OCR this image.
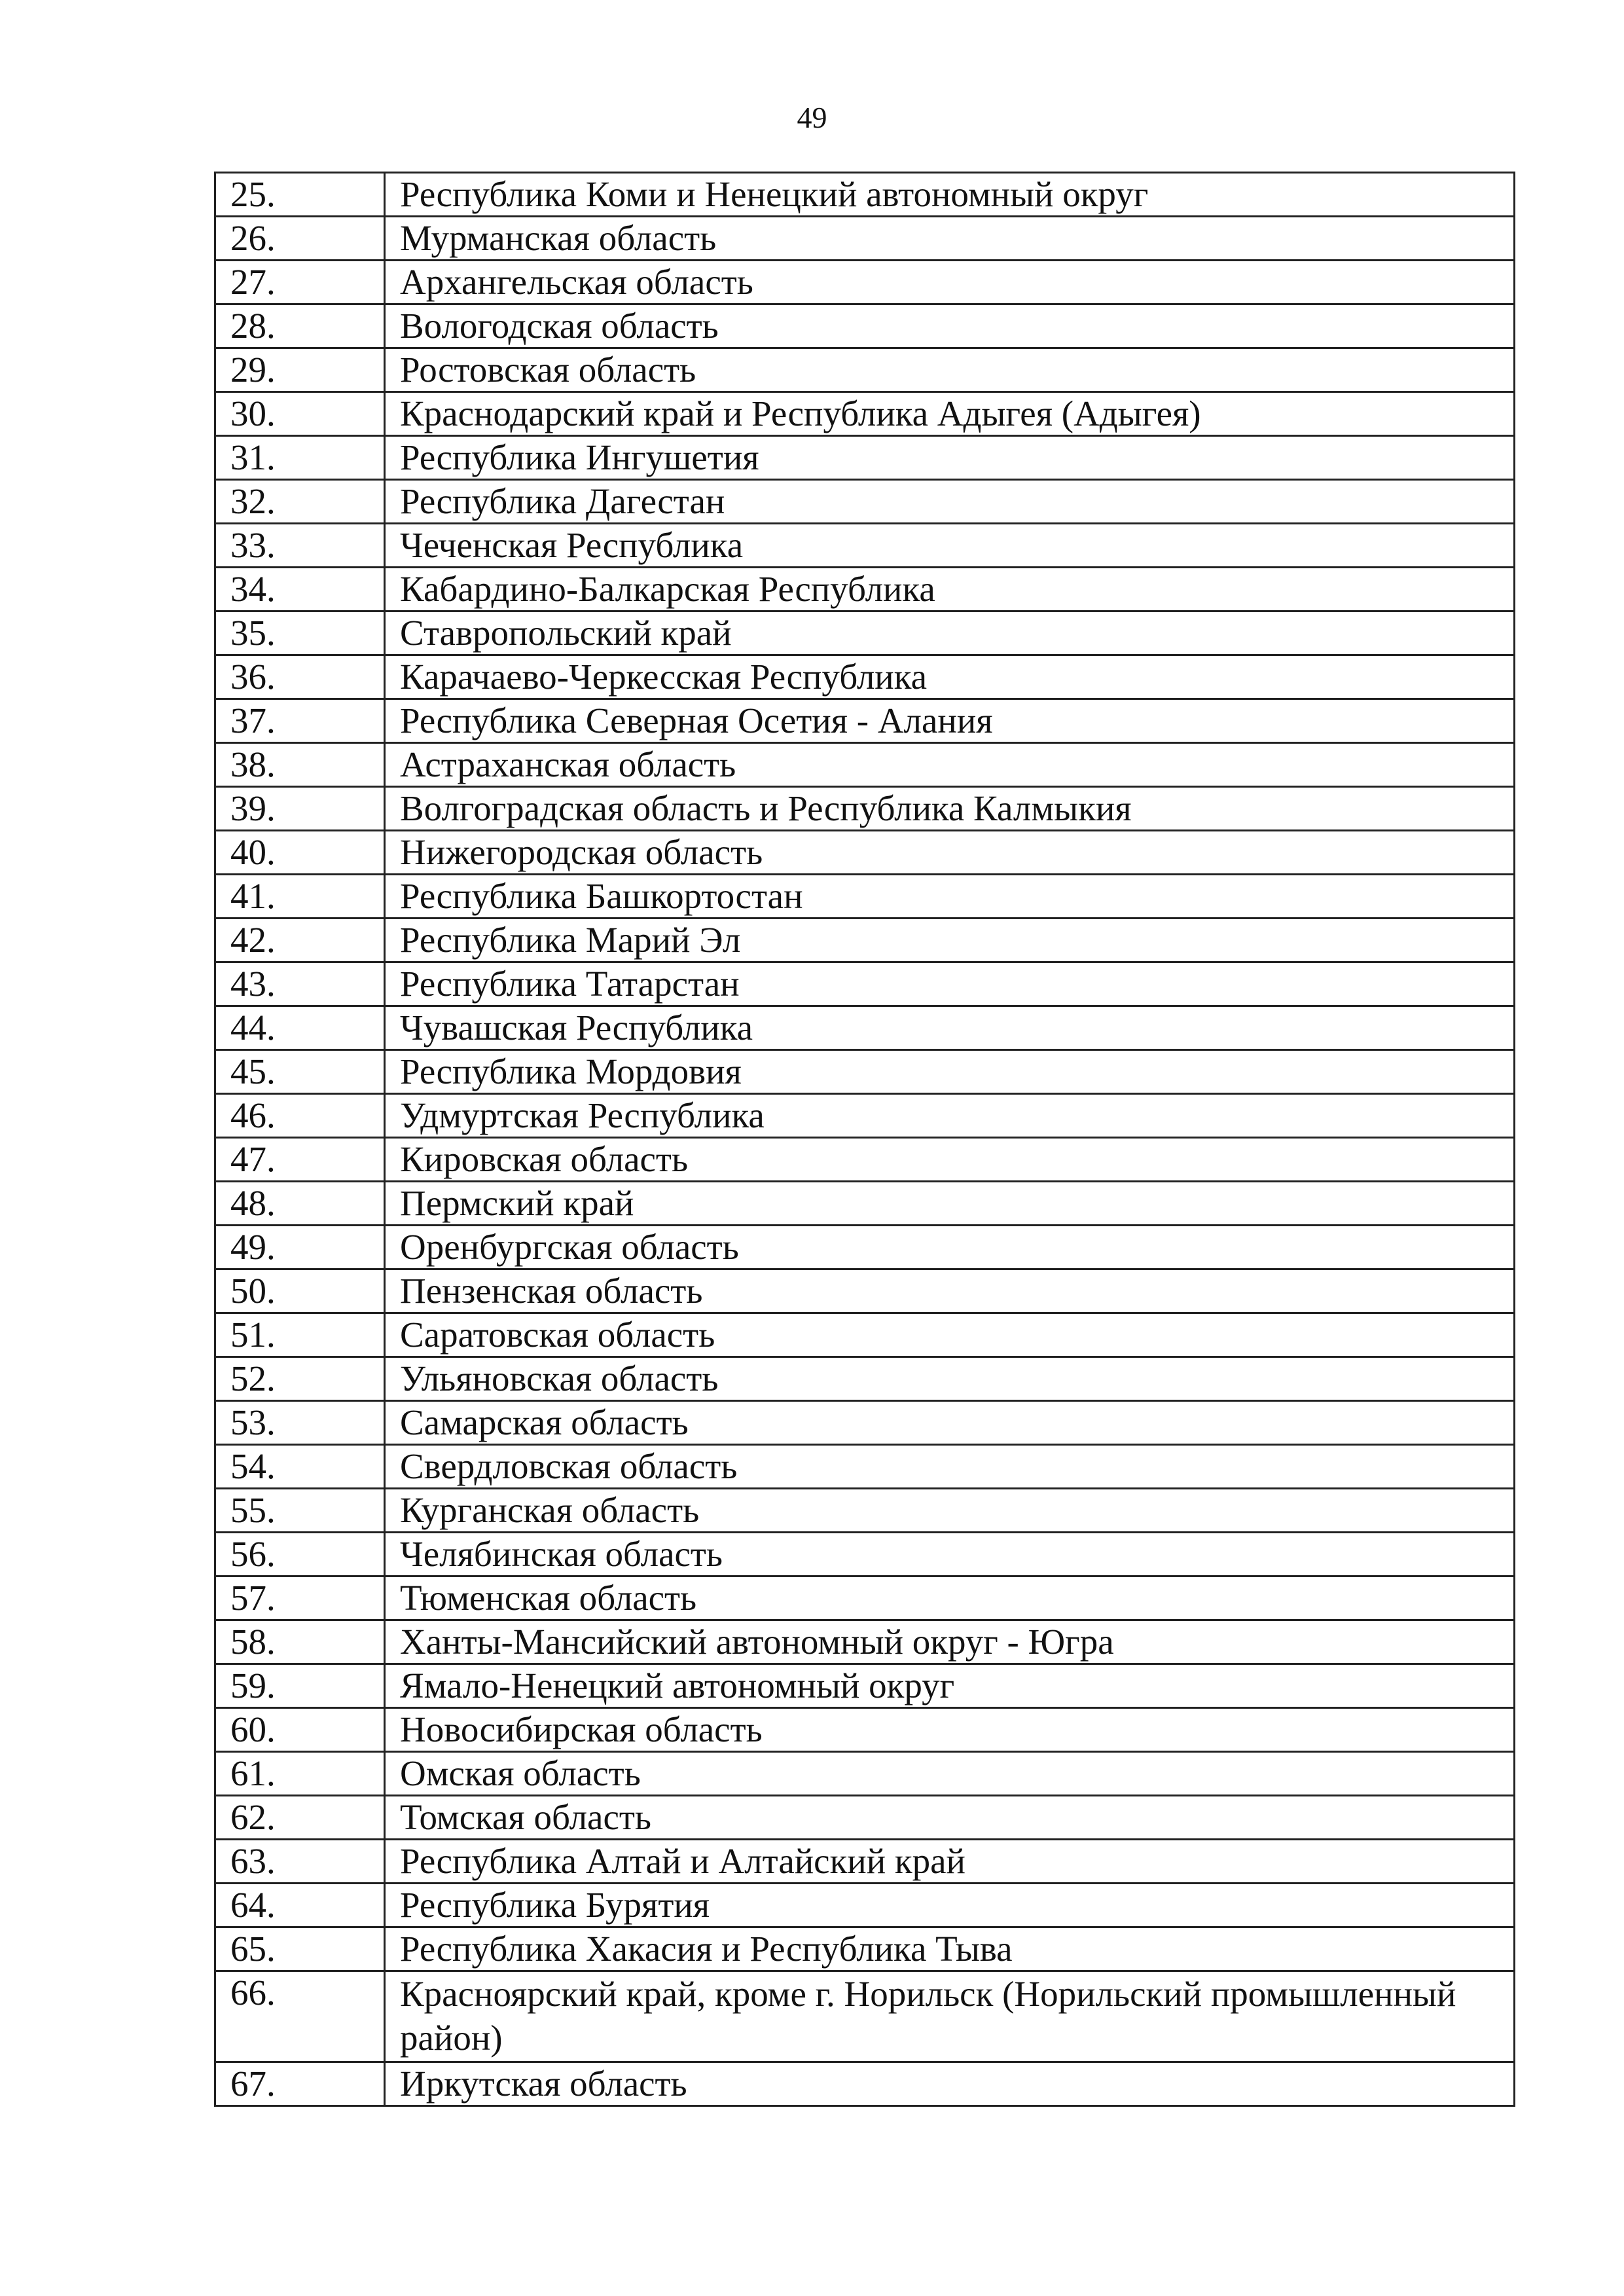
49
25.	Республика Коми и Ненецкий автономный округ
26.	Мурманская область
27.	Архангельская область
28.	Вологодская область
29.	Ростовская область
30.	Краснодарский край и Республика Адыгея (Адыгея)
31.	Республика Ингушетия
32.	Республика Дагестан
33.	Чеченская Республика
34.	Кабардино-Балкарская Республика
35.	Ставропольский край
36.	Карачаево-Черкесская Республика
37.	Республика Северная Осетия - Алания
38.	Астраханская область
39.	Волгоградская область и Республика Калмыкия
40.	Нижегородская область
41.	Республика Башкортостан
42.	Республика Марий Эл
43.	Республика Татарстан
44.	Чувашская Республика
45.	Республика Мордовия
46.	Удмуртская Республика
47.	Кировская область
48.	Пермский край
49.	Оренбургская область
50.	Пензенская область
51.	Саратовская область
52.	Ульяновская область
53.	Самарская область
54.	Свердловская область
55.	Курганская область
56.	Челябинская область
57.	Тюменская область
58.	Ханты-Мансийский автономный округ - Югра
59.	Ямало-Ненецкий автономный округ
60.	Новосибирская область
61.	Омская область
62.	Томская область
63.	Республика Алтай и Алтайский край
64.	Республика Бурятия
65.	Республика Хакасия и Республика Тыва
66.	Красноярский край, кроме г. Норильск (Норильский промышленный район)
67.	Иркутская область
